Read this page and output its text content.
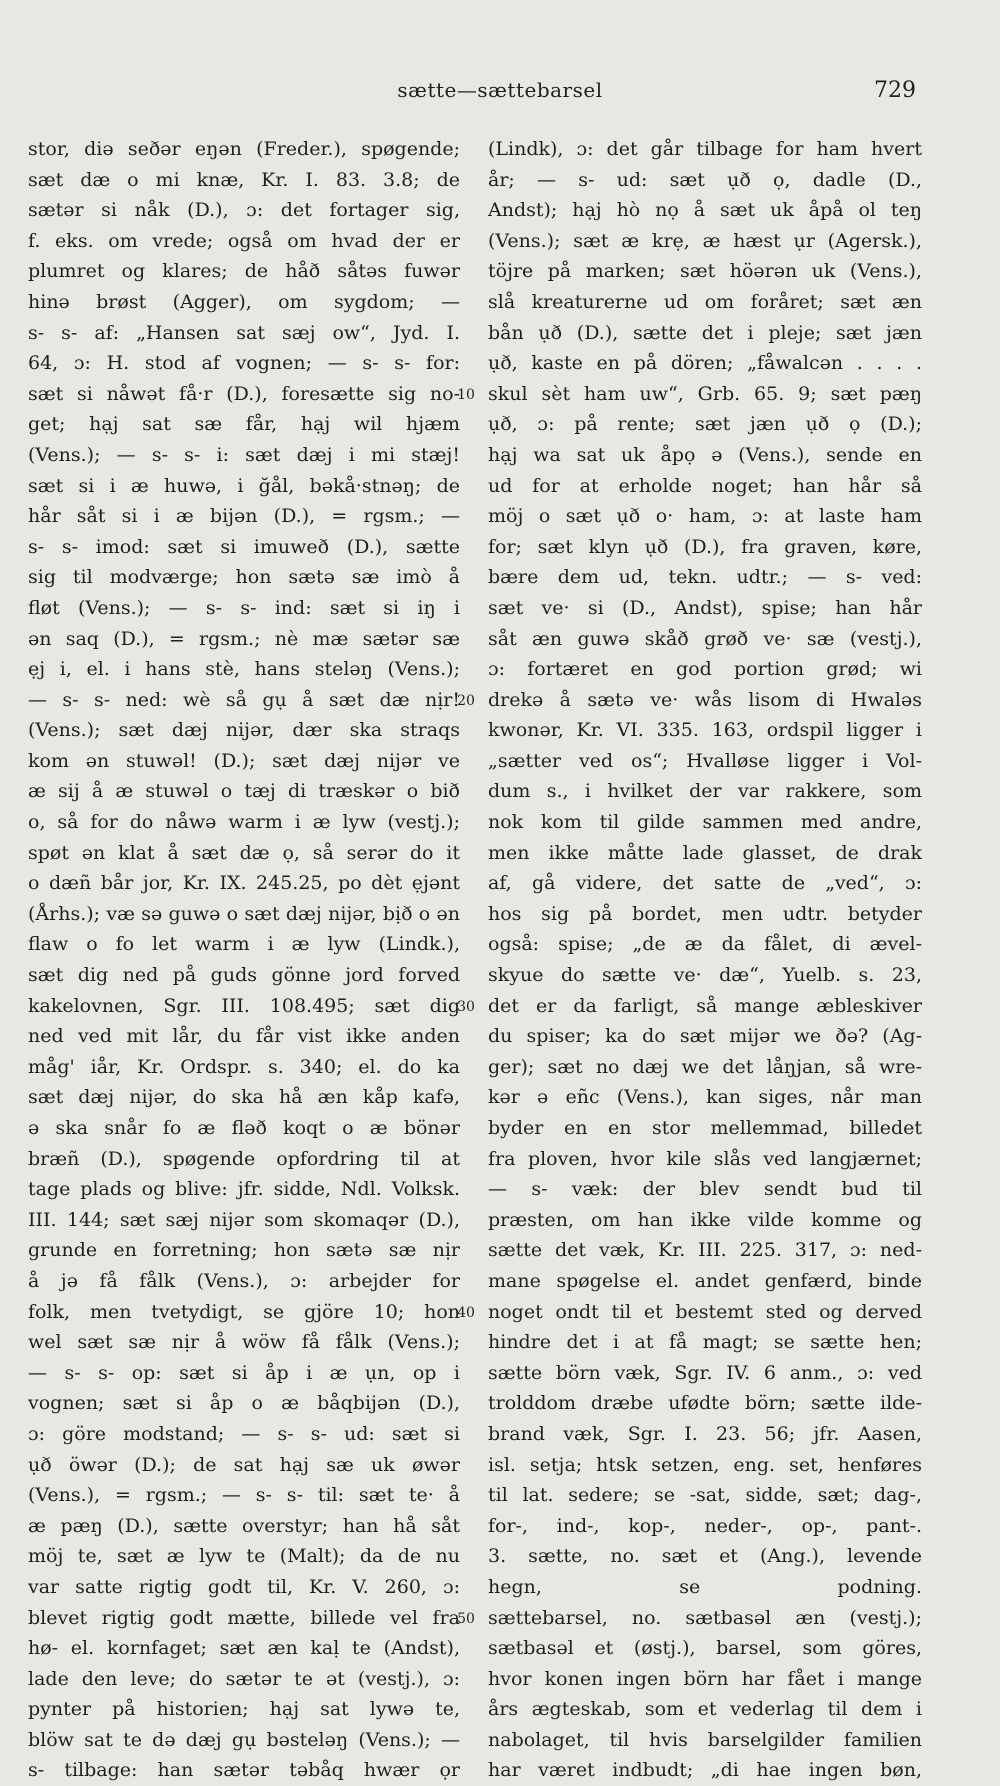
sætte—sættebarsel	729
stor, diə seðər eŋən (Freder.), spøgende;
sæt dæ o mi knæ, Kr. I. 83. 3.8; de
sætər si nåk (D.), ɔ: det fortager sig,
f. eks. om vrede; også om hvad der er
plumret og klares; de håð såtəs fuwər
hinə brøst (Agger), om sygdom; —
s- s- af: „Hansen sat sæj ow“, Jyd. I.
64, ɔ: H. stod af vognen; — s- s- for:
sæt si nåwət få·r (D.), foresætte sig no-
get; hạj sat sæ får, hạj wil hjæm
(Vens.); — s- s- i: sæt dæj i mi stæj!
sæt si i æ huwə, i ğål, bəkå·stnəŋ; de
hår såt si i æ bijən (D.), = rgsm.; —
s- s- imod: sæt si imuweð (D.), sætte
sig til modværge; hon sætə sæ imò å
fløt (Vens.); — s- s- ind: sæt si iŋ i
ən saq (D.), = rgsm.; nè mæ sætər sæ
ẹj i, el. i hans stè, hans steləŋ (Vens.);
— s- s- ned: wè så gụ å sæt dæ nịr!
(Vens.); sæt dæj nijər, dær ska straqs
kom ən stuwəl! (D.); sæt dæj nijər ve
æ sij å æ stuwəl o tæj di træskər o bið
o, så for do nåwə warm i æ lyw (vestj.);
spøt ən klat å sæt dæ ọ, så serər do it
o dæñ bår jor, Kr. IX. 245.25, po dèt ẹjənt
(Århs.); væ sə guwə o sæt dæj nijər, bịð o ən
flaw o fo let warm i æ lyw (Lindk.),
sæt dig ned på guds gönne jord forved
kakelovnen, Sgr. III. 108.495; sæt dig
ned ved mit lår, du får vist ikke anden
måg' iår, Kr. Ordspr. s. 340; el. do ka
sæt dæj nijər, do ska hå æn kåp kafə,
ə ska snår fo æ fləð koqt o æ bönər
bræñ (D.), spøgende opfordring til at
tage plads og blive: jfr. sidde, Ndl. Volksk.
III. 144; sæt sæj nijər som skomaqər (D.),
grunde en forretning; hon sætə sæ nịr
å jə få fålk (Vens.), ɔ: arbejder for
folk, men tvetydigt, se gjöre 10; hon
wel sæt sæ nịr å wöw få fålk (Vens.);
— s- s- op: sæt si åp i æ ụn, op i
vognen; sæt si åp o æ båqbijən (D.),
ɔ: göre modstand; — s- s- ud: sæt si
ụð öwər (D.); de sat hạj sæ uk øwər
(Vens.), = rgsm.; — s- s- til: sæt te· å
æ pæŋ (D.), sætte overstyr; han hå såt
möj te, sæt æ lyw te (Malt); da de nu
var satte rigtig godt til, Kr. V. 260, ɔ:
blevet rigtig godt mætte, billede vel fra
hø- el. kornfaget; sæt æn kaḷ te (Andst),
lade den leve; do sætər te ət (vestj.), ɔ:
pynter på historien; hạj sat lywə te,
blöw sat te də dæj gụ bəsteləŋ (Vens.); —
s- tilbage: han sætər təbåq hwær ọr
10
20
30
40
50
(Lindk), ɔ: det går tilbage for ham hvert
år; — s- ud: sæt ụð ọ, dadle (D.,
Andst); hạj hò nọ å sæt uk åpå ol teŋ
(Vens.); sæt æ krẹ, æ hæst ụr (Agersk.),
töjre på marken; sæt höərən uk (Vens.),
slå kreaturerne ud om foråret; sæt æn
bån ụð (D.), sætte det i pleje; sæt jæn
ụð, kaste en på dören; „fåwalcən . . . .
skul sèt ham uw“, Grb. 65. 9; sæt pæŋ
ụð, ɔ: på rente; sæt jæn ụð ọ (D.);
hạj wa sat uk åpọ ə (Vens.), sende en
ud for at erholde noget; han hår så
möj o sæt ụð o· ham, ɔ: at laste ham
for; sæt klyn ụð (D.), fra graven, køre,
bære dem ud, tekn. udtr.; — s- ved:
sæt ve· si (D., Andst), spise; han hår
såt æn guwə skåð grøð ve· sæ (vestj.),
ɔ: fortæret en god portion grød; wi
drekə å sætə ve· wås lisom di Hwaləs
kwonər, Kr. VI. 335. 163, ordspil ligger i
„sætter ved os“; Hvalløse ligger i Vol-
dum s., i hvilket der var rakkere, som
nok kom til gilde sammen med andre,
men ikke måtte lade glasset, de drak
af, gå videre, det satte de „ved“, ɔ:
hos sig på bordet, men udtr. betyder
også: spise; „de æ da fålet, di ævel-
skyue do sætte ve· dæ“, Yuelb. s. 23,
det er da farligt, så mange æbleskiver
du spiser; ka do sæt mijər we ðə? (Ag-
ger); sæt no dæj we det låŋjan, så wre-
kər ə eñc (Vens.), kan siges, når man
byder en en stor mellemmad, billedet
fra ploven, hvor kile slås ved langjærnet;
— s- væk: der blev sendt bud til
præsten, om han ikke vilde komme og
sætte det væk, Kr. III. 225. 317, ɔ: ned-
mane spøgelse el. andet genfærd, binde
noget ondt til et bestemt sted og derved
hindre det i at få magt; se sætte hen;
sætte börn væk, Sgr. IV. 6 anm., ɔ: ved
trolddom dræbe ufødte börn; sætte ilde-
brand væk, Sgr. I. 23. 56; jfr. Aasen,
isl. setja; htsk setzen, eng. set, henføres
til lat. sedere; se -sat, sidde, sæt; dag-,
for-, ind-, kop-, neder-, op-, pant-.
3. sætte, no. sæt et (Ang.), levende
hegn, se podning.
sættebarsel, no. sætbasəl æn (vestj.);
sætbasəl et (østj.), barsel, som göres,
hvor konen ingen börn har fået i mange
års ægteskab, som et vederlag til dem i
nabolaget, til hvis barselgilder familien
har været indbudt; „di hae ingen bøn,
